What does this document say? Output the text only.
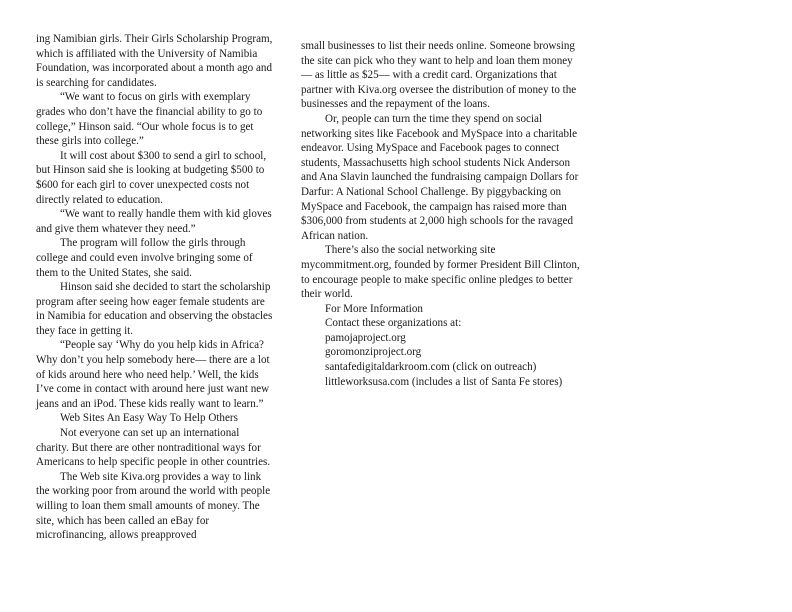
ing Namibian girls. Their Girls Scholarship Program, which is affiliated with the University of Namibia Foundation, was incorporated about a month ago and is searching for candidates.

“We want to focus on girls with exemplary grades who don’t have the financial ability to go to college,” Hinson said. “Our whole focus is to get these girls into college.”

It will cost about $300 to send a girl to school, but Hinson said she is looking at budgeting $500 to $600 for each girl to cover unexpected costs not directly related to education.

“We want to really handle them with kid gloves and give them whatever they need.”

The program will follow the girls through college and could even involve bringing some of them to the United States, she said.

Hinson said she decided to start the scholarship program after seeing how eager female students are in Namibia for education and observing the obstacles they face in getting it.

“People say ‘Why do you help kids in Africa? Why don’t you help somebody here— there are a lot of kids around here who need help.’ Well, the kids I’ve come in contact with around here just want new jeans and an iPod. These kids really want to learn.”

Web Sites An Easy Way To Help Others

Not everyone can set up an international charity. But there are other nontraditional ways for Americans to help specific people in other countries.

The Web site Kiva.org provides a way to link the working poor from around the world with people willing to loan them small amounts of money. The site, which has been called an eBay for microfinancing, allows preapproved

small businesses to list their needs online. Someone browsing the site can pick who they want to help and loan them money— as little as $25— with a credit card. Organizations that partner with Kiva.org oversee the distribution of money to the businesses and the repayment of the loans.

Or, people can turn the time they spend on social networking sites like Facebook and MySpace into a charitable endeavor. Using MySpace and Facebook pages to connect students, Massachusetts high school students Nick Anderson and Ana Slavin launched the fundraising campaign Dollars for Darfur: A National School Challenge. By piggybacking on MySpace and Facebook, the campaign has raised more than $306,000 from students at 2,000 high schools for the ravaged African nation.

There’s also the social networking site mycommitment.org, founded by former President Bill Clinton, to encourage people to make specific online pledges to better their world.

For More Information

Contact these organizations at:

pamojaproject.org

goromonziproject.org

santafedigitaldarkroom.com (click on outreach)

littleworksusa.com (includes a list of Santa Fe stores)
